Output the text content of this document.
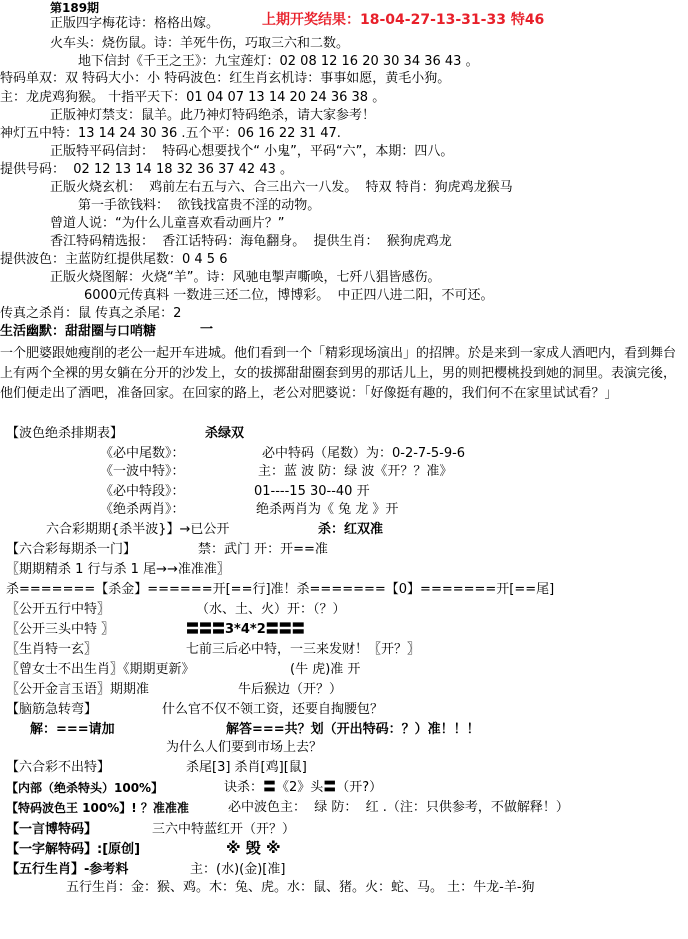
第189期
上期开奖结果：18-04-27-13-31-33 特46
正版四字梅花诗：格格出嫁。
火车头：烧伤鼠。诗：羊死牛伤，巧取三六和二数。
地下信封《千王之王》：九宝莲灯：02 08 12 16 20 30 34 36 43 。
特码单双：双 特码大小：小 特码波色：红生肖玄机诗：事事如愿，黄毛小狗。
主：龙虎鸡狗猴。 十指平天下：01 04 07 13 14 20 24 36 38 。
正版神灯禁支：鼠羊。此乃神灯特码绝杀，请大家参考！
神灯五中特：13 14 24 30 36 .五个平：06 16 22 31 47.
正版特平码信封：  特码心想要找个“ 小鬼”，平码“六”，本期：四八。
提供号码：  02 12 13 14 18 32 36 37 42 43 。
正版火烧玄机：  鸡前左右五与六、合三出六一八发。  特双 特肖：狗虎鸡龙猴马
第一手欲钱料：  欲钱找富贵不淫的动物。
曾道人说：“为什么儿童喜欢看动画片？”
香江特码精选报：  香江话特码：海龟翻身。  提供生肖：  猴狗虎鸡龙
提供波色：主蓝防红提供尾数：0 4 5 6
正版火烧图解：火烧“羊”。诗：风驰电掣声嘶唤，七歼八猖皆感伤。
6000元传真料 一数进三还二位，博博彩。  中正四八进二阳，不可还。
传真之杀肖：鼠 传真之杀尾：2
生活幽默：甜甜圈与口哨糖	一
一个肥婆跟她瘦削的老公一起开车进城。他们看到一个「精彩现场演出」的招牌。於是来到一家成人酒吧内，看到舞台上有两个全裸的男女躺在分开的沙发上，女的拔掷甜甜圈套到男的那话儿上，男的则把樱桃投到她的洞里。表演完後，他们便走出了酒吧，准备回家。在回家的路上，老公对肥婆说：「好像挺有趣的，我们何不在家里试试看？」
【波色绝杀排期表】	杀绿双
《必中尾数》：	必中特码（尾数）为：0-2-7-5-9-6
《一波中特》：	主：蓝 波 防：绿 波《开？？准》
《必中特段》：	01----15 30--40 开
《绝杀两肖》：	绝杀两肖为《 兔 龙 》开
六合彩期期{杀半波}】→已公开	杀：红双准
【六合彩每期杀一门】	禁：武门 开：开==准
〖期期精杀 1 行与杀 1 尾→→准准准〗
杀=======【杀金】======开[==行]准！杀=======【0】=======开[==尾]
〖公开五行中特〗	（水、土、火）开：（？）
〖公开三头中特 〗	〓〓〓3*4*2〓〓〓
〖生肖特一玄〗	七前三后必中特，一三来发财！〖开？〗
〖曾女士不出生肖〗《期期更新》	(牛 虎)准 开
〖公开金言玉语〗期期准	牛后猴边（开？）
【脑筋急转弯】	什么官不仅不领工资，还要自掏腰包？
解：===请加	解答===共？划（开出特码：？）准！！！
为什么人们要到市场上去？
【六合彩不出特】	杀尾[3] 杀肖[鸡][鼠]
【内部（绝杀特头）100%】	诀杀：〓《2》头〓（开?）
【特码波色王 100%】! ？准准准	必中波色主：  绿 防：  红 .（注：只供参考，不做解释！）
【一言博特码】	三六中特蓝红开（开？）
【一字解特码】:[原创]	※ 毁 ※
【五行生肖】-参考料	主：(水)(金)[准]
五行生肖：金：猴、鸡。木：兔、虎。水：鼠、猪。火：蛇、马。 土：牛龙-羊-狗
